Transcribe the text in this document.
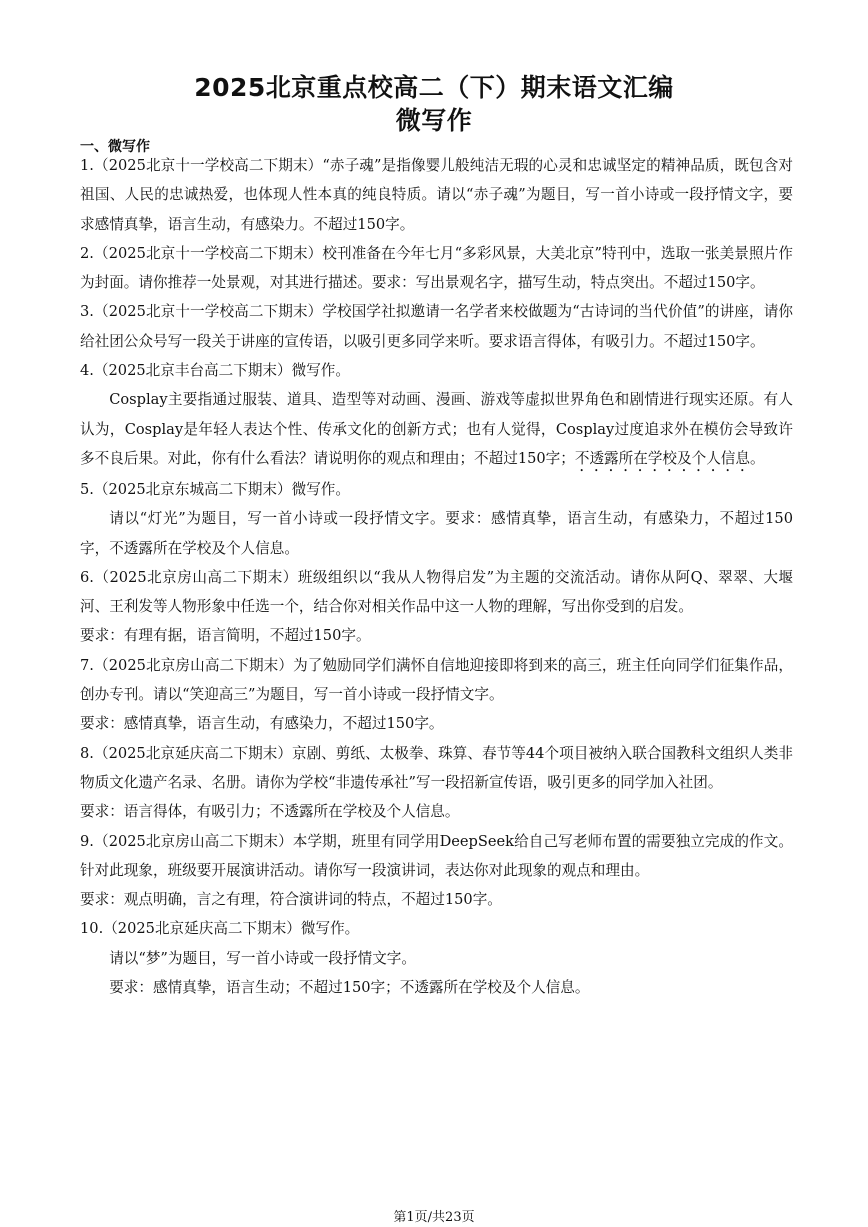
2025北京重点校高二（下）期末语文汇编
微写作
一、微写作

1.（2025北京十一学校高二下期末）“赤子魂”是指像婴儿般纯洁无瑕的心灵和忠诚坚定的精神品质，既包含对祖国、人民的忠诚热爱，也体现人性本真的纯良特质。请以“赤子魂”为题目，写一首小诗或一段抒情文字，要求感情真挚，语言生动，有感染力。不超过150字。

2.（2025北京十一学校高二下期末）校刊准备在今年七月“多彩风景，大美北京”特刊中，选取一张美景照片作为封面。请你推荐一处景观，对其进行描述。要求：写出景观名字，描写生动，特点突出。不超过150字。

3.（2025北京十一学校高二下期末）学校国学社拟邀请一名学者来校做题为“古诗词的当代价值”的讲座，请你给社团公众号写一段关于讲座的宣传语，以吸引更多同学来听。要求语言得体，有吸引力。不超过150字。

4.（2025北京丰台高二下期末）微写作。

Cosplay主要指通过服装、道具、造型等对动画、漫画、游戏等虚拟世界角色和剧情进行现实还原。有人认为，Cosplay是年轻人表达个性、传承文化的创新方式；也有人觉得，Cosplay过度追求外在模仿会导致许多不良后果。对此，你有什么看法？请说明你的观点和理由；不超过150字；不透露所在学校及个人信息。

5.（2025北京东城高二下期末）微写作。

请以“灯光”为题目，写一首小诗或一段抒情文字。要求：感情真挚，语言生动，有感染力，不超过150字，不透露所在学校及个人信息。

6.（2025北京房山高二下期末）班级组织以“我从人物得启发”为主题的交流活动。请你从阿Q、翠翠、大堰河、王利发等人物形象中任选一个，结合你对相关作品中这一人物的理解，写出你受到的启发。

要求：有理有据，语言简明，不超过150字。

7.（2025北京房山高二下期末）为了勉励同学们满怀自信地迎接即将到来的高三，班主任向同学们征集作品，创办专刊。请以“笑迎高三”为题目，写一首小诗或一段抒情文字。

要求：感情真挚，语言生动，有感染力，不超过150字。

8.（2025北京延庆高二下期末）京剧、剪纸、太极拳、珠算、春节等44个项目被纳入联合国教科文组织人类非物质文化遗产名录、名册。请你为学校“非遗传承社”写一段招新宣传语，吸引更多的同学加入社团。

要求：语言得体，有吸引力；不透露所在学校及个人信息。

9.（2025北京房山高二下期末）本学期，班里有同学用DeepSeek给自己写老师布置的需要独立完成的作文。针对此现象，班级要开展演讲活动。请你写一段演讲词，表达你对此现象的观点和理由。

要求：观点明确，言之有理，符合演讲词的特点，不超过150字。

10.（2025北京延庆高二下期末）微写作。

请以“梦”为题目，写一首小诗或一段抒情文字。

要求：感情真挚，语言生动；不超过150字；不透露所在学校及个人信息。

第1页/共23页
